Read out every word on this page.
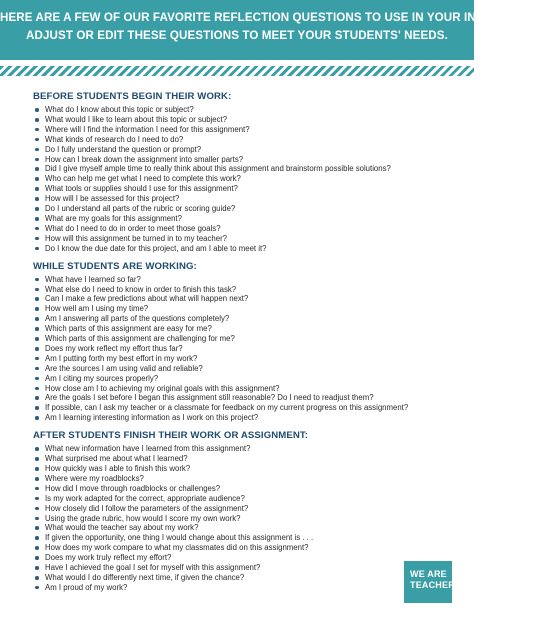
HERE ARE A FEW OF OUR FAVORITE REFLECTION QUESTIONS TO USE IN YOUR INSTRUCTION.
ADJUST OR EDIT THESE QUESTIONS TO MEET YOUR STUDENTS' NEEDS.
BEFORE STUDENTS BEGIN THEIR WORK:
What do I know about this topic or subject?
What would I like to learn about this topic or subject?
Where will I find the information I need for this assignment?
What kinds of research do I need to do?
Do I fully understand the question or prompt?
How can I break down the assignment into smaller parts?
Did I give myself ample time to really think about this assignment and brainstorm possible solutions?
Who can help me get what I need to complete this work?
What tools or supplies should I use for this assignment?
How will I be assessed for this project?
Do I understand all parts of the rubric or scoring guide?
What are my goals for this assignment?
What do I need to do in order to meet those goals?
How will this assignment be turned in to my teacher?
Do I know the due date for this project, and am I able to meet it?
WHILE STUDENTS ARE WORKING:
What have I learned so far?
What else do I need to know in order to finish this task?
Can I make a few predictions about what will happen next?
How well am I using my time?
Am I answering all parts of the questions completely?
Which parts of this assignment are easy for me?
Which parts of this assignment are challenging for me?
Does my work reflect my effort thus far?
Am I putting forth my best effort in my work?
Are the sources I am using valid and reliable?
Am I citing my sources properly?
How close am I to achieving my original goals with this assignment?
Are the goals I set before I began this assignment still reasonable? Do I need to readjust them?
If possible, can I ask my teacher or a classmate for feedback on my current progress on this assignment?
Am I learning interesting information as I work on this project?
AFTER STUDENTS FINISH THEIR WORK OR ASSIGNMENT:
What new information have I learned from this assignment?
What surprised me about what I learned?
How quickly was I able to finish this work?
Where were my roadblocks?
How did I move through roadblocks or challenges?
Is my work adapted for the correct, appropriate audience?
How closely did I follow the parameters of the assignment?
Using the grade rubric, how would I score my own work?
What would the teacher say about my work?
If given the opportunity, one thing I would change about this assignment is . . .
How does my work compare to what my classmates did on this assignment?
Does my work truly reflect my effort?
Have I achieved the goal I set for myself with this assignment?
What would I do differently next time, if given the chance?
Am I proud of my work?
WE ARE
TEACHERS
